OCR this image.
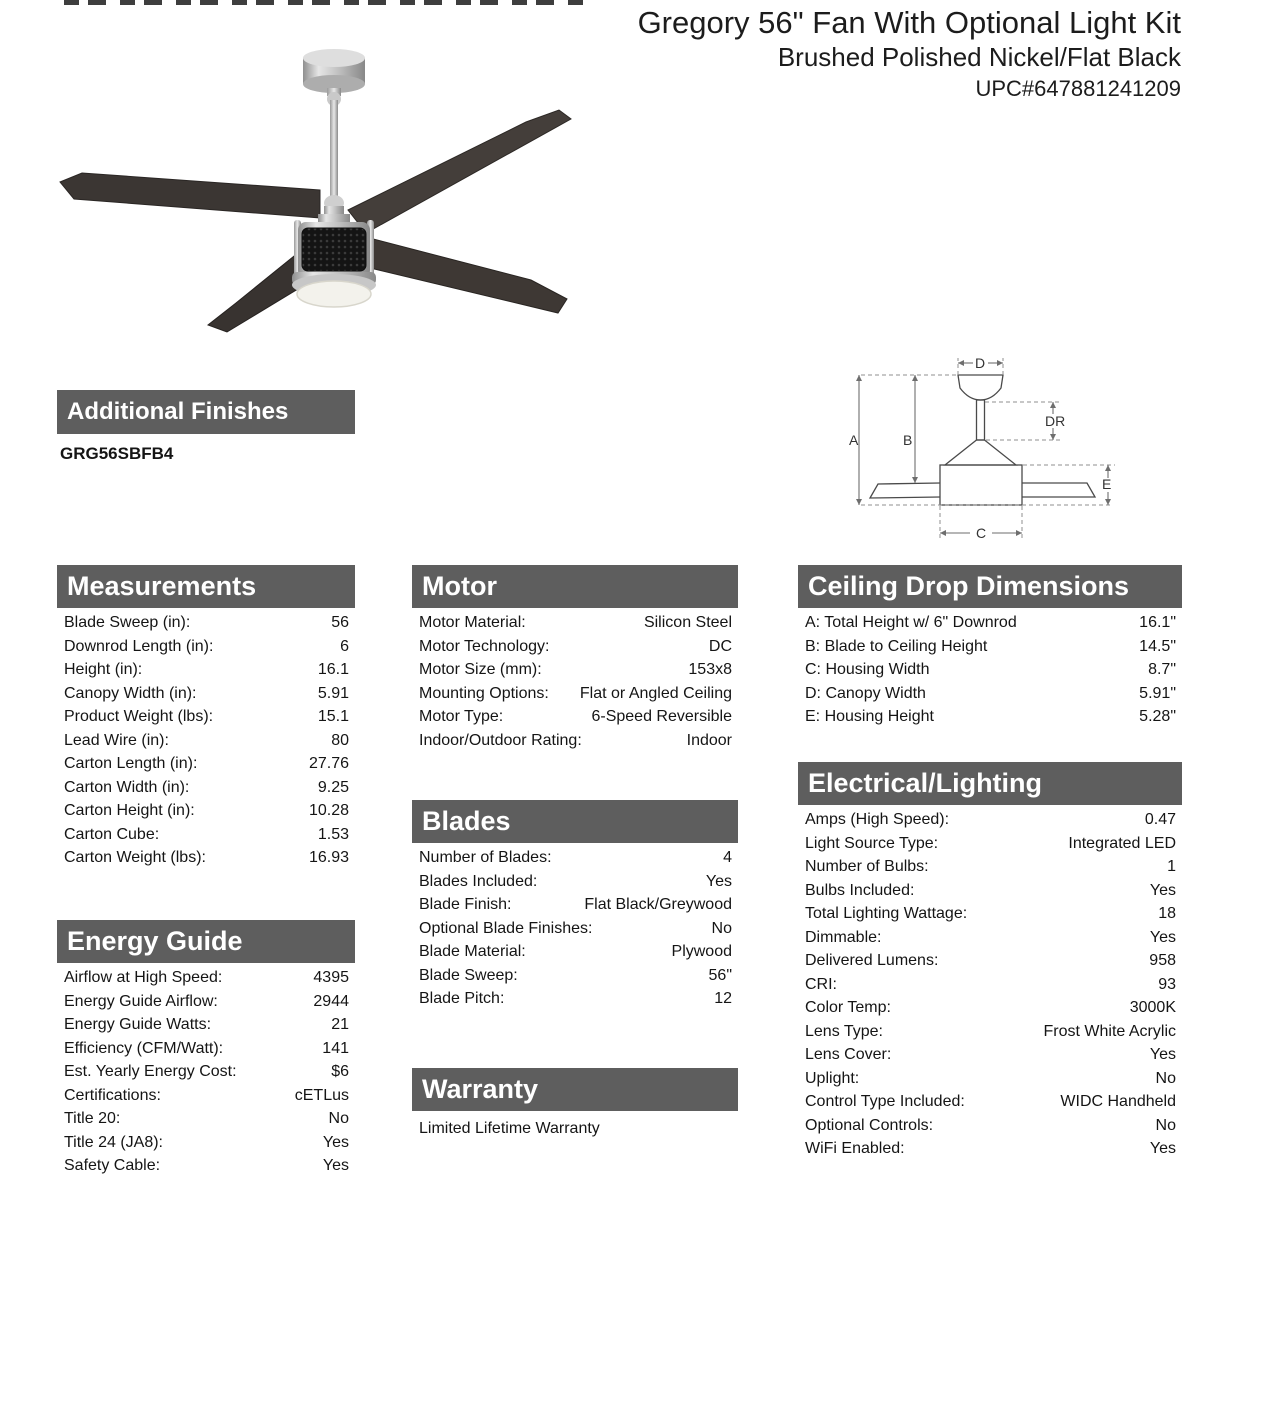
Gregory 56" Fan With Optional Light Kit
Brushed Polished Nickel/Flat Black
UPC#647881241209
Additional Finishes
GRG56SBFB4
D
A	B
DR
E
C
Measurements
Blade Sweep (in):	56
Downrod Length (in):	6
Height (in):	16.1
Canopy Width (in):	5.91
Product Weight (lbs):	15.1
Lead Wire (in):	80
Carton Length (in):	27.76
Carton Width (in):	9.25
Carton Height (in):	10.28
Carton Cube:	1.53
Carton Weight (lbs):	16.93
Energy Guide
Airflow at High Speed:	4395
Energy Guide Airflow:	2944
Energy Guide Watts:	21
Efficiency (CFM/Watt):	141
Est. Yearly Energy Cost:	$6
Certifications:	cETLus
Title 20:	No
Title 24 (JA8):	Yes
Safety Cable:	Yes
Motor
Motor Material:	Silicon Steel
Motor Technology:	DC
Motor Size (mm):	153x8
Mounting Options: Flat or Angled Ceiling
Motor Type:	6-Speed Reversible
Indoor/Outdoor Rating:	Indoor
Blades
Number of Blades:	4
Blades Included:	Yes
Blade Finish:	Flat Black/Greywood
Optional Blade Finishes:	No
Blade Material:	Plywood
Blade Sweep:	56"
Blade Pitch:	12
Warranty
Limited Lifetime Warranty
Ceiling Drop Dimensions
A: Total Height w/ 6" Downrod	16.1"
B: Blade to Ceiling Height	14.5"
C: Housing Width	8.7"
D: Canopy Width	5.91"
E: Housing Height	5.28"
Electrical/Lighting
Amps (High Speed):	0.47
Light Source Type:	Integrated LED
Number of Bulbs:	1
Bulbs Included:	Yes
Total Lighting Wattage:	18
Dimmable:	Yes
Delivered Lumens:	958
CRI:	93
Color Temp:	3000K
Lens Type:	Frost White Acrylic
Lens Cover:	Yes
Uplight:	No
Control Type Included:	WIDC Handheld
Optional Controls:	No
WiFi Enabled:	Yes
